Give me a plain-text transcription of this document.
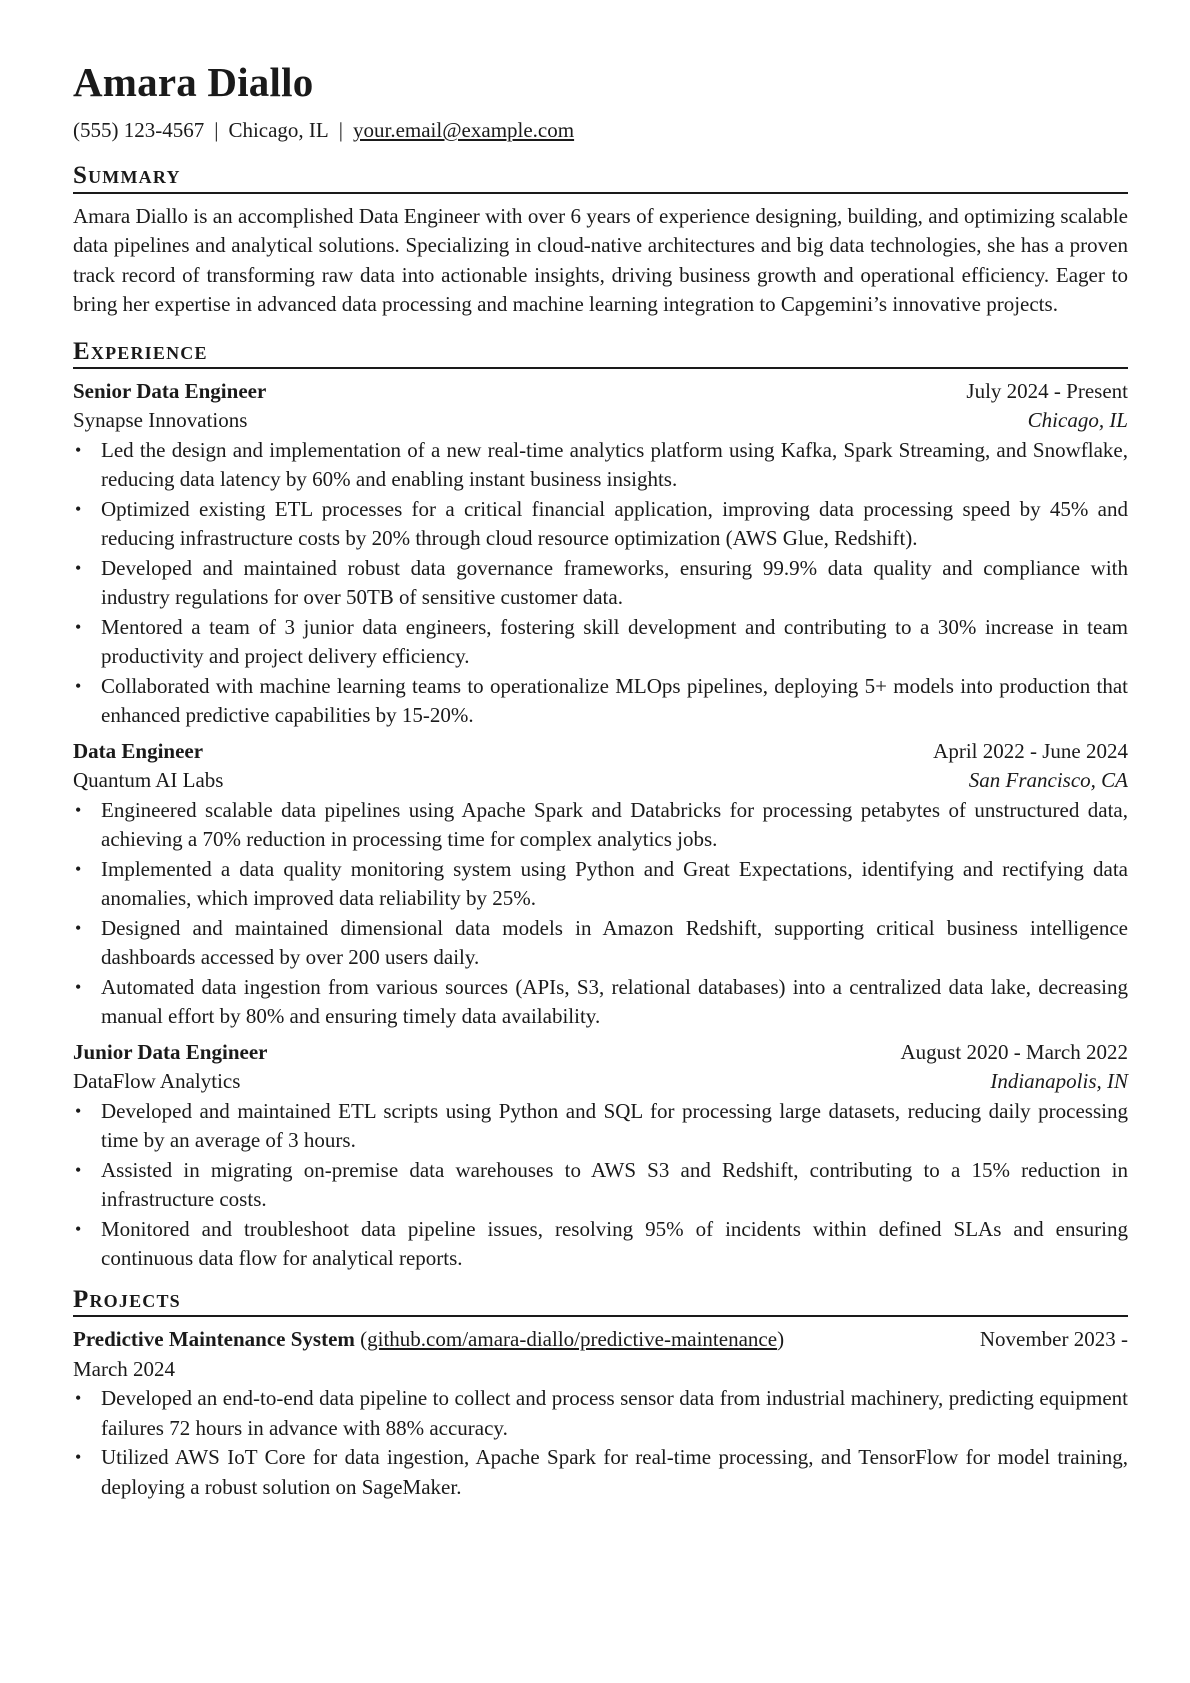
Amara Diallo
(555) 123-4567 | Chicago, IL | your.email@example.com
Summary

Amara Diallo is an accomplished Data Engineer with over 6 years of experience designing, building, and optimizing scalable data pipelines and analytical solutions. Specializing in cloud-native architectures and big data technologies, she has a proven track record of transforming raw data into actionable insights, driving business growth and operational efficiency. Eager to bring her expertise in advanced data processing and machine learning integration to Capgemini’s innovative projects.

Experience
Senior Data Engineer	July 2024 - Present
Synapse Innovations	Chicago, IL
• Led the design and implementation of a new real-time analytics platform using Kafka, Spark Streaming, and Snowflake, reducing data latency by 60% and enabling instant business insights.
• Optimized existing ETL processes for a critical financial application, improving data processing speed by 45% and reducing infrastructure costs by 20% through cloud resource optimization (AWS Glue, Redshift).
• Developed and maintained robust data governance frameworks, ensuring 99.9% data quality and compliance with industry regulations for over 50TB of sensitive customer data.
• Mentored a team of 3 junior data engineers, fostering skill development and contributing to a 30% increase in team productivity and project delivery efficiency.
• Collaborated with machine learning teams to operationalize MLOps pipelines, deploying 5+ models into production that enhanced predictive capabilities by 15-20%.
Data Engineer	April 2022 - June 2024
Quantum AI Labs	San Francisco, CA
• Engineered scalable data pipelines using Apache Spark and Databricks for processing petabytes of unstructured data, achieving a 70% reduction in processing time for complex analytics jobs.
• Implemented a data quality monitoring system using Python and Great Expectations, identifying and rectifying data anomalies, which improved data reliability by 25%.
• Designed and maintained dimensional data models in Amazon Redshift, supporting critical business intelligence dashboards accessed by over 200 users daily.
• Automated data ingestion from various sources (APIs, S3, relational databases) into a centralized data lake, decreasing manual effort by 80% and ensuring timely data availability.
Junior Data Engineer	August 2020 - March 2022
DataFlow Analytics	Indianapolis, IN
• Developed and maintained ETL scripts using Python and SQL for processing large datasets, reducing daily processing time by an average of 3 hours.
• Assisted in migrating on-premise data warehouses to AWS S3 and Redshift, contributing to a 15% reduction in infrastructure costs.
• Monitored and troubleshoot data pipeline issues, resolving 95% of incidents within defined SLAs and ensuring continuous data flow for analytical reports.
Projects
Predictive Maintenance System (github.com/amara-diallo/predictive-maintenance)	November 2023 -
March 2024
• Developed an end-to-end data pipeline to collect and process sensor data from industrial machinery, predicting equipment failures 72 hours in advance with 88% accuracy.
• Utilized AWS IoT Core for data ingestion, Apache Spark for real-time processing, and TensorFlow for model training, deploying a robust solution on SageMaker.
